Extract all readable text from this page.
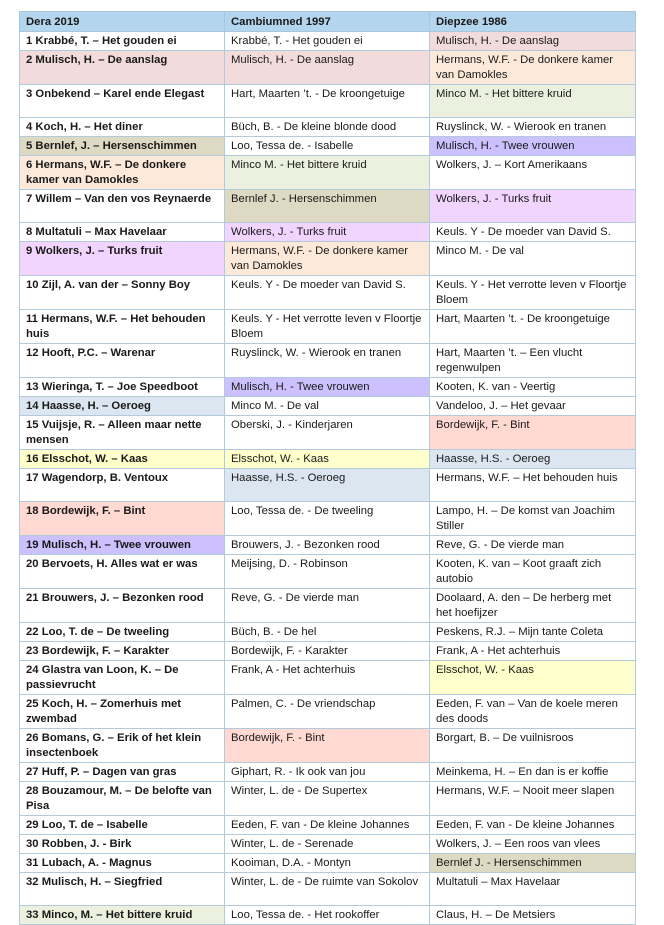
Dera 2019	Cambiumned 1997	Diepzee 1986
1 Krabbé, T. – Het gouden ei	Krabbé, T. - Het gouden ei	Mulisch, H. - De aanslag
2 Mulisch, H. – De aanslag	Mulisch, H. - De aanslag	Hermans, W.F. - De donkere kamer van Damokles
3 Onbekend – Karel ende Elegast	Hart, Maarten ’t. - De kroongetuige	Minco M. - Het bittere kruid
4 Koch, H. – Het diner	Büch, B. - De kleine blonde dood	Ruyslinck, W. - Wierook en tranen
5 Bernlef, J. – Hersenschimmen	Loo, Tessa de. - Isabelle	Mulisch, H. - Twee vrouwen
6 Hermans, W.F. – De donkere kamer van Damokles	Minco M. - Het bittere kruid	Wolkers, J. – Kort Amerikaans
7 Willem – Van den vos Reynaerde	Bernlef J. - Hersenschimmen	Wolkers, J. - Turks fruit
8 Multatuli – Max Havelaar	Wolkers, J. - Turks fruit	Keuls. Y - De moeder van David S.
9 Wolkers, J. – Turks fruit	Hermans, W.F. - De donkere kamer van Damokles	Minco M. - De val
10 Zijl, A. van der – Sonny Boy	Keuls. Y - De moeder van David S.	Keuls. Y - Het verrotte leven v Floortje Bloem
11 Hermans, W.F. – Het behouden huis	Keuls. Y - Het verrotte leven v Floortje Bloem	Hart, Maarten ’t. - De kroongetuige
12 Hooft, P.C. – Warenar	Ruyslinck, W. - Wierook en tranen	Hart, Maarten ’t. – Een vlucht regenwulpen
13 Wieringa, T. – Joe Speedboot	Mulisch, H. - Twee vrouwen	Kooten, K. van - Veertig
14 Haasse, H. – Oeroeg	Minco M. - De val	Vandeloo, J. – Het gevaar
15 Vuijsje, R. – Alleen maar nette mensen	Oberski, J. - Kinderjaren	Bordewijk, F. - Bint
16 Elsschot, W. – Kaas	Elsschot, W. - Kaas	Haasse, H.S. - Oeroeg
17 Wagendorp, B. Ventoux	Haasse, H.S. - Oeroeg	Hermans, W.F. – Het behouden huis
18 Bordewijk, F. – Bint	Loo, Tessa de. - De tweeling	Lampo, H. – De komst van Joachim Stiller
19 Mulisch, H. – Twee vrouwen	Brouwers, J. - Bezonken rood	Reve, G. - De vierde man
20 Bervoets, H. Alles wat er was	Meijsing, D. - Robinson	Kooten, K. van – Koot graaft zich autobio
21 Brouwers, J. – Bezonken rood	Reve, G. - De vierde man	Doolaard, A. den – De herberg met het hoefijzer
22 Loo, T. de – De tweeling	Büch, B. - De hel	Peskens, R.J. – Mijn tante Coleta
23 Bordewijk, F. – Karakter	Bordewijk, F. - Karakter	Frank, A - Het achterhuis
24 Glastra van Loon, K. – De passievrucht	Frank, A - Het achterhuis	Elsschot, W. - Kaas
25 Koch, H. – Zomerhuis met zwembad	Palmen, C. - De vriendschap	Eeden, F. van – Van de koele meren des doods
26 Bomans, G. – Erik of het klein insectenboek	Bordewijk, F. - Bint	Borgart, B. – De vuilnisroos
27 Huff, P. – Dagen van gras	Giphart, R. - Ik ook van jou	Meinkema, H. – En dan is er koffie
28 Bouzamour, M. – De belofte van Pisa	Winter, L. de - De Supertex	Hermans, W.F. – Nooit meer slapen
29 Loo, T. de – Isabelle	Eeden, F. van - De kleine Johannes	Eeden, F. van - De kleine Johannes
30 Robben, J. - Birk	Winter, L. de - Serenade	Wolkers, J. – Een roos van vlees
31 Lubach, A. - Magnus	Kooiman, D.A. - Montyn	Bernlef J. - Hersenschimmen
32 Mulisch, H. – Siegfried	Winter, L. de - De ruimte van Sokolov	Multatuli – Max Havelaar
33 Minco, M. – Het bittere kruid	Loo, Tessa de. - Het rookoffer	Claus, H. – De Metsiers
